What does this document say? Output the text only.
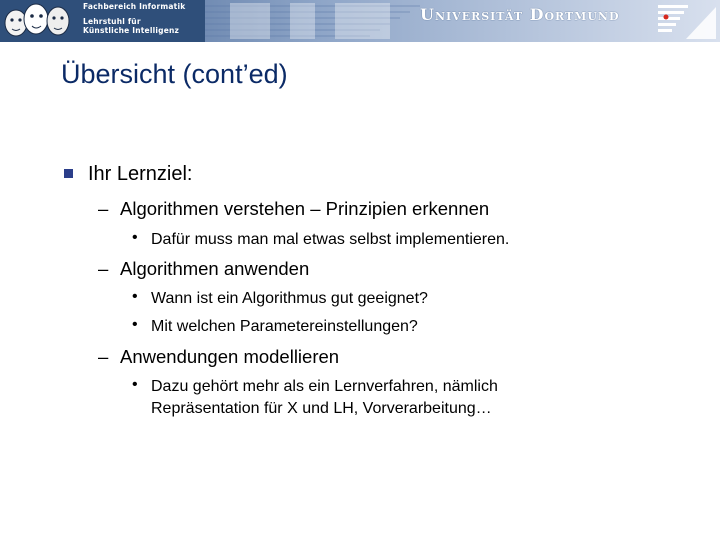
Fachbereich Informatik
Lehrstuhl für
Künstliche Intelligenz
Universität Dortmund
Übersicht (cont’ed)
Ihr Lernziel:
– Algorithmen verstehen – Prinzipien erkennen
• Dafür muss man mal etwas selbst implementieren.
– Algorithmen anwenden
• Wann ist ein Algorithmus gut geeignet?
• Mit welchen Parametereinstellungen?
– Anwendungen modellieren
• Dazu gehört mehr als ein Lernverfahren, nämlich Repräsentation für X und LH, Vorverarbeitung…
